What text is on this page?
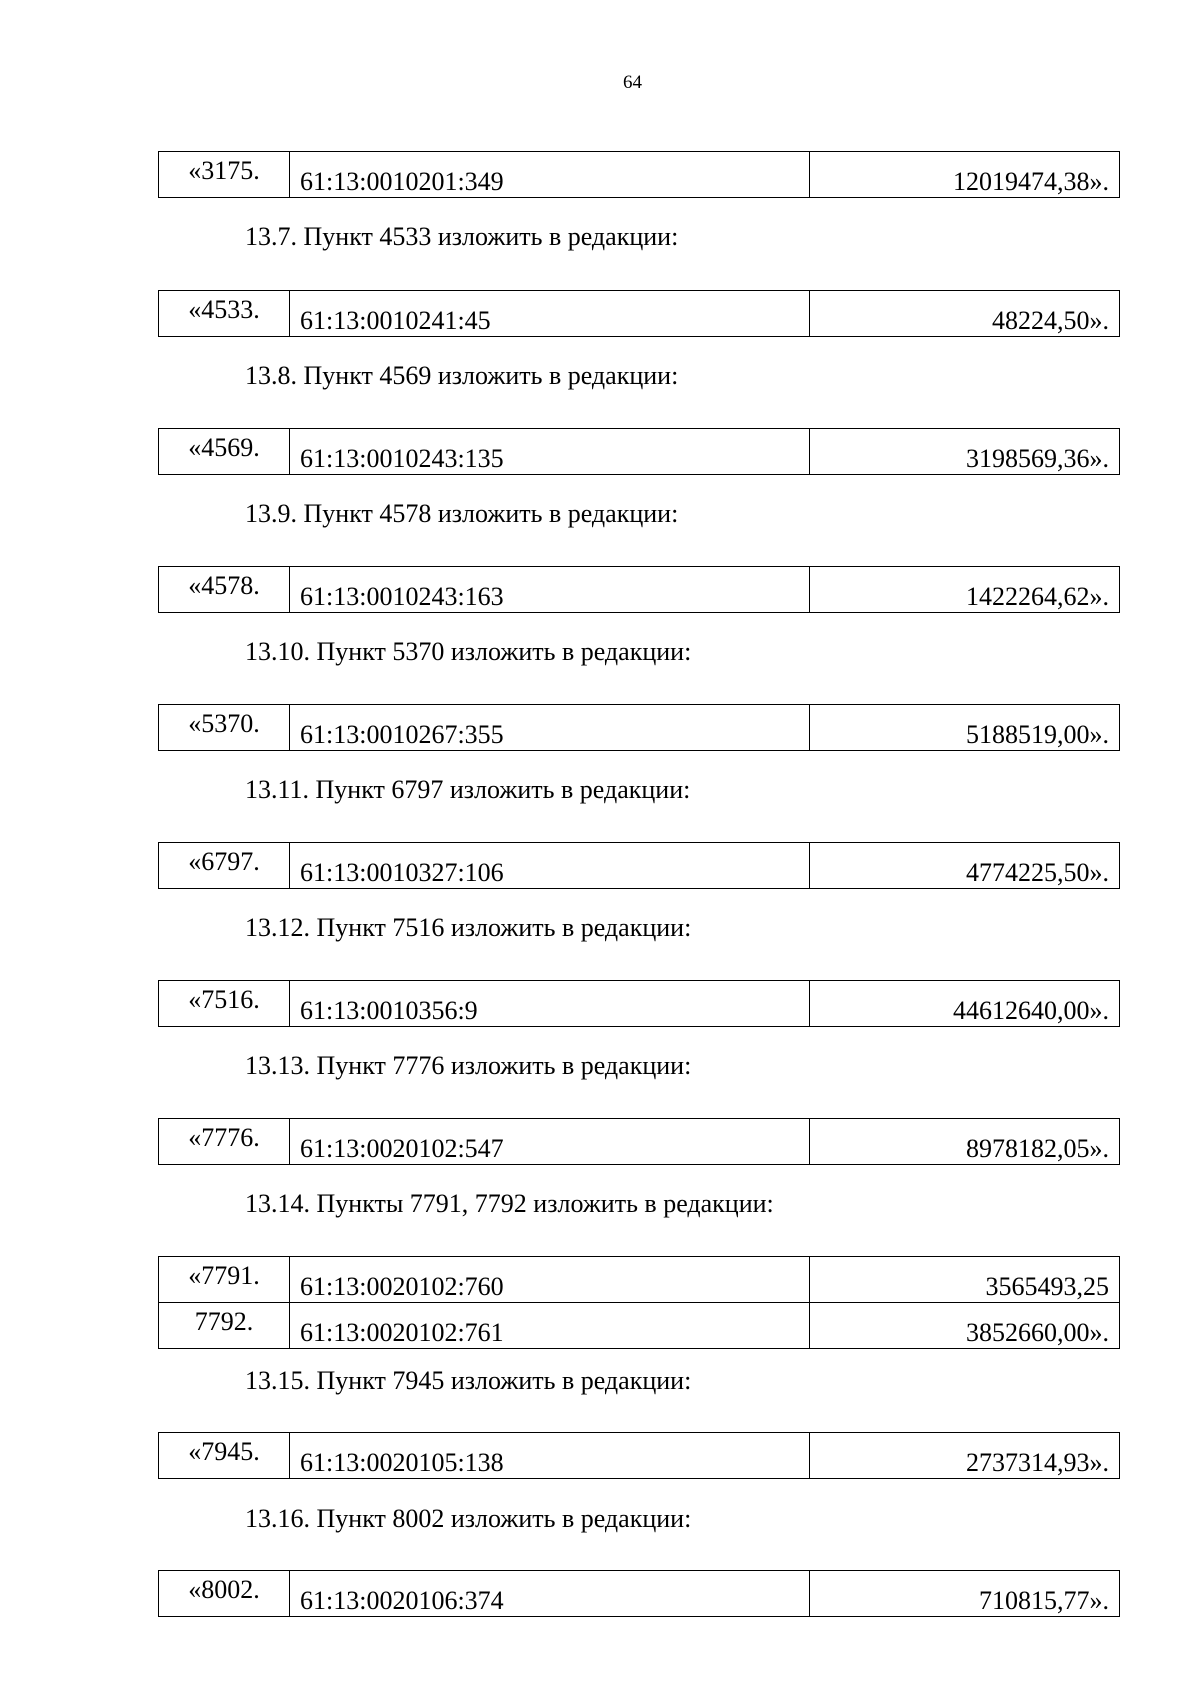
64
«3175.	61:13:0010201:349	12019474,38».
13.7. Пункт 4533 изложить в редакции:
«4533.	61:13:0010241:45	48224,50».
13.8. Пункт 4569 изложить в редакции:
«4569.	61:13:0010243:135	3198569,36».
13.9. Пункт 4578 изложить в редакции:
«4578.	61:13:0010243:163	1422264,62».
13.10. Пункт 5370 изложить в редакции:
«5370.	61:13:0010267:355	5188519,00».
13.11. Пункт 6797 изложить в редакции:
«6797.	61:13:0010327:106	4774225,50».
13.12. Пункт 7516 изложить в редакции:
«7516.	61:13:0010356:9	44612640,00».
13.13. Пункт 7776 изложить в редакции:
«7776.	61:13:0020102:547	8978182,05».
13.14. Пункты 7791, 7792 изложить в редакции:
«7791.	61:13:0020102:760	3565493,25
7792.	61:13:0020102:761	3852660,00».
13.15. Пункт 7945 изложить в редакции:
«7945.	61:13:0020105:138	2737314,93».
13.16. Пункт 8002 изложить в редакции:
«8002.	61:13:0020106:374	710815,77».
